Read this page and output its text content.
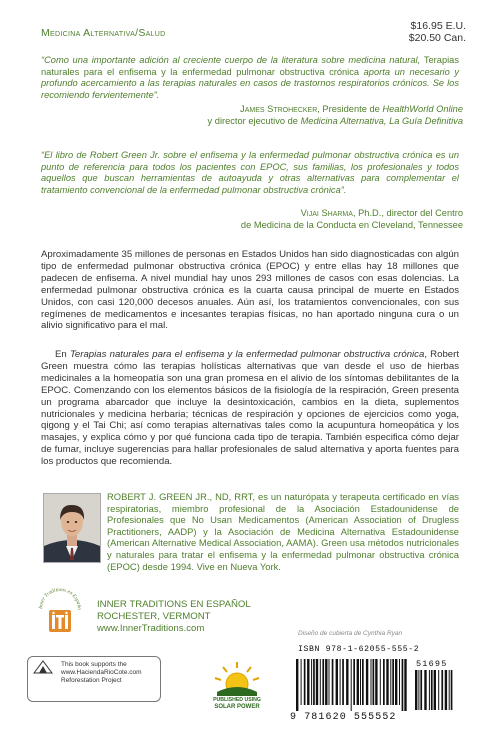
Medicina Alternativa/Salud
$16.95 E.U.
$20.50 Can.
“Como una importante adición al creciente cuerpo de la literatura sobre medicina natural, Terapias naturales para el enfisema y la enfermedad pulmonar obstructiva crónica aporta un necesario y profundo acercamiento a las terapias naturales en casos de trastornos respiratorios crónicos. Se los recomiendo fervientemente”.
James Strohecker, Presidente de HealthWorld Online
y director ejecutivo de Medicina Alternativa, La Guía Definitiva
“El libro de Robert Green Jr. sobre el enfisema y la enfermedad pulmonar obstructiva crónica es un punto de referencia para todos los pacientes con EPOC, sus familias, los profesionales y todos aquellos que buscan herramientas de autoayuda y otras alternativas para complementar el tratamiento convencional de la enfermedad pulmonar obstructiva crónica”.
Vijai Sharma, Ph.D., director del Centro
de Medicina de la Conducta en Cleveland, Tennessee
Aproximadamente 35 millones de personas en Estados Unidos han sido diagnosticadas con algún tipo de enfermedad pulmonar obstructiva crónica (EPOC) y entre ellas hay 18 millones que padecen de enfisema. A nivel mundial hay unos 293 millones de casos con esas dolencias. La enfermedad pulmonar obstructiva crónica es la cuarta causa principal de muerte en Estados Unidos, con casi 120,000 decesos anuales. Aún así, los tratamientos convencionales, con sus regímenes de medicamentos e incesantes terapias físicas, no han aportado ninguna cura o un alivio significativo para el mal.
En Terapias naturales para el enfisema y la enfermedad pulmonar obstructiva crónica, Robert Green muestra cómo las terapias holísticas alternativas que van desde el uso de hierbas medicinales a la homeopatía son una gran promesa en el alivio de los síntomas debilitantes de la EPOC. Comenzando con los elementos básicos de la fisiología de la respiración, Green presenta un programa abarcador que incluye la desintoxicación, cambios en la dieta, suplementos nutricionales y medicina herbaria; técnicas de respiración y opciones de ejercicios como yoga, qigong y el Tai Chi; así como terapias alternativas tales como la acupuntura homeopática y los masajes, y explica cómo y por qué funciona cada tipo de terapia. También especifica cómo dejar de fumar, incluye sugerencias para hallar profesionales de salud alternativa y aporta fuentes para los productos que recomienda.
ROBERT J. GREEN JR., ND, RRT, es un naturópata y terapeuta certificado en vías respiratorias, miembro profesional de la Asociación Estadounidense de Profesionales que No Usan Medicamentos (American Association of Drugless Practitioners, AADP) y la Asociación de Medicina Alternativa Estadounidense (American Alternative Medical Association, AAMA). Green usa métodos nutricionales y naturales para tratar el enfisema y la enfermedad pulmonar obstructiva crónica (EPOC) desde 1994. Vive en Nueva York.
Inner Traditions en Españo INNER TRADITIONS EN ESPAÑOL
ROCHESTER, VERMONT
www.InnerTraditions.com	Diseño de cubierta de Cynthia Ryan
This book supports the
www.HaciendaRioCote.com
Reforestation Project
PUBLISHED USING
SOLAR POWER
ISBN 978-1-62055-555-2
51695
9 781620 555552
